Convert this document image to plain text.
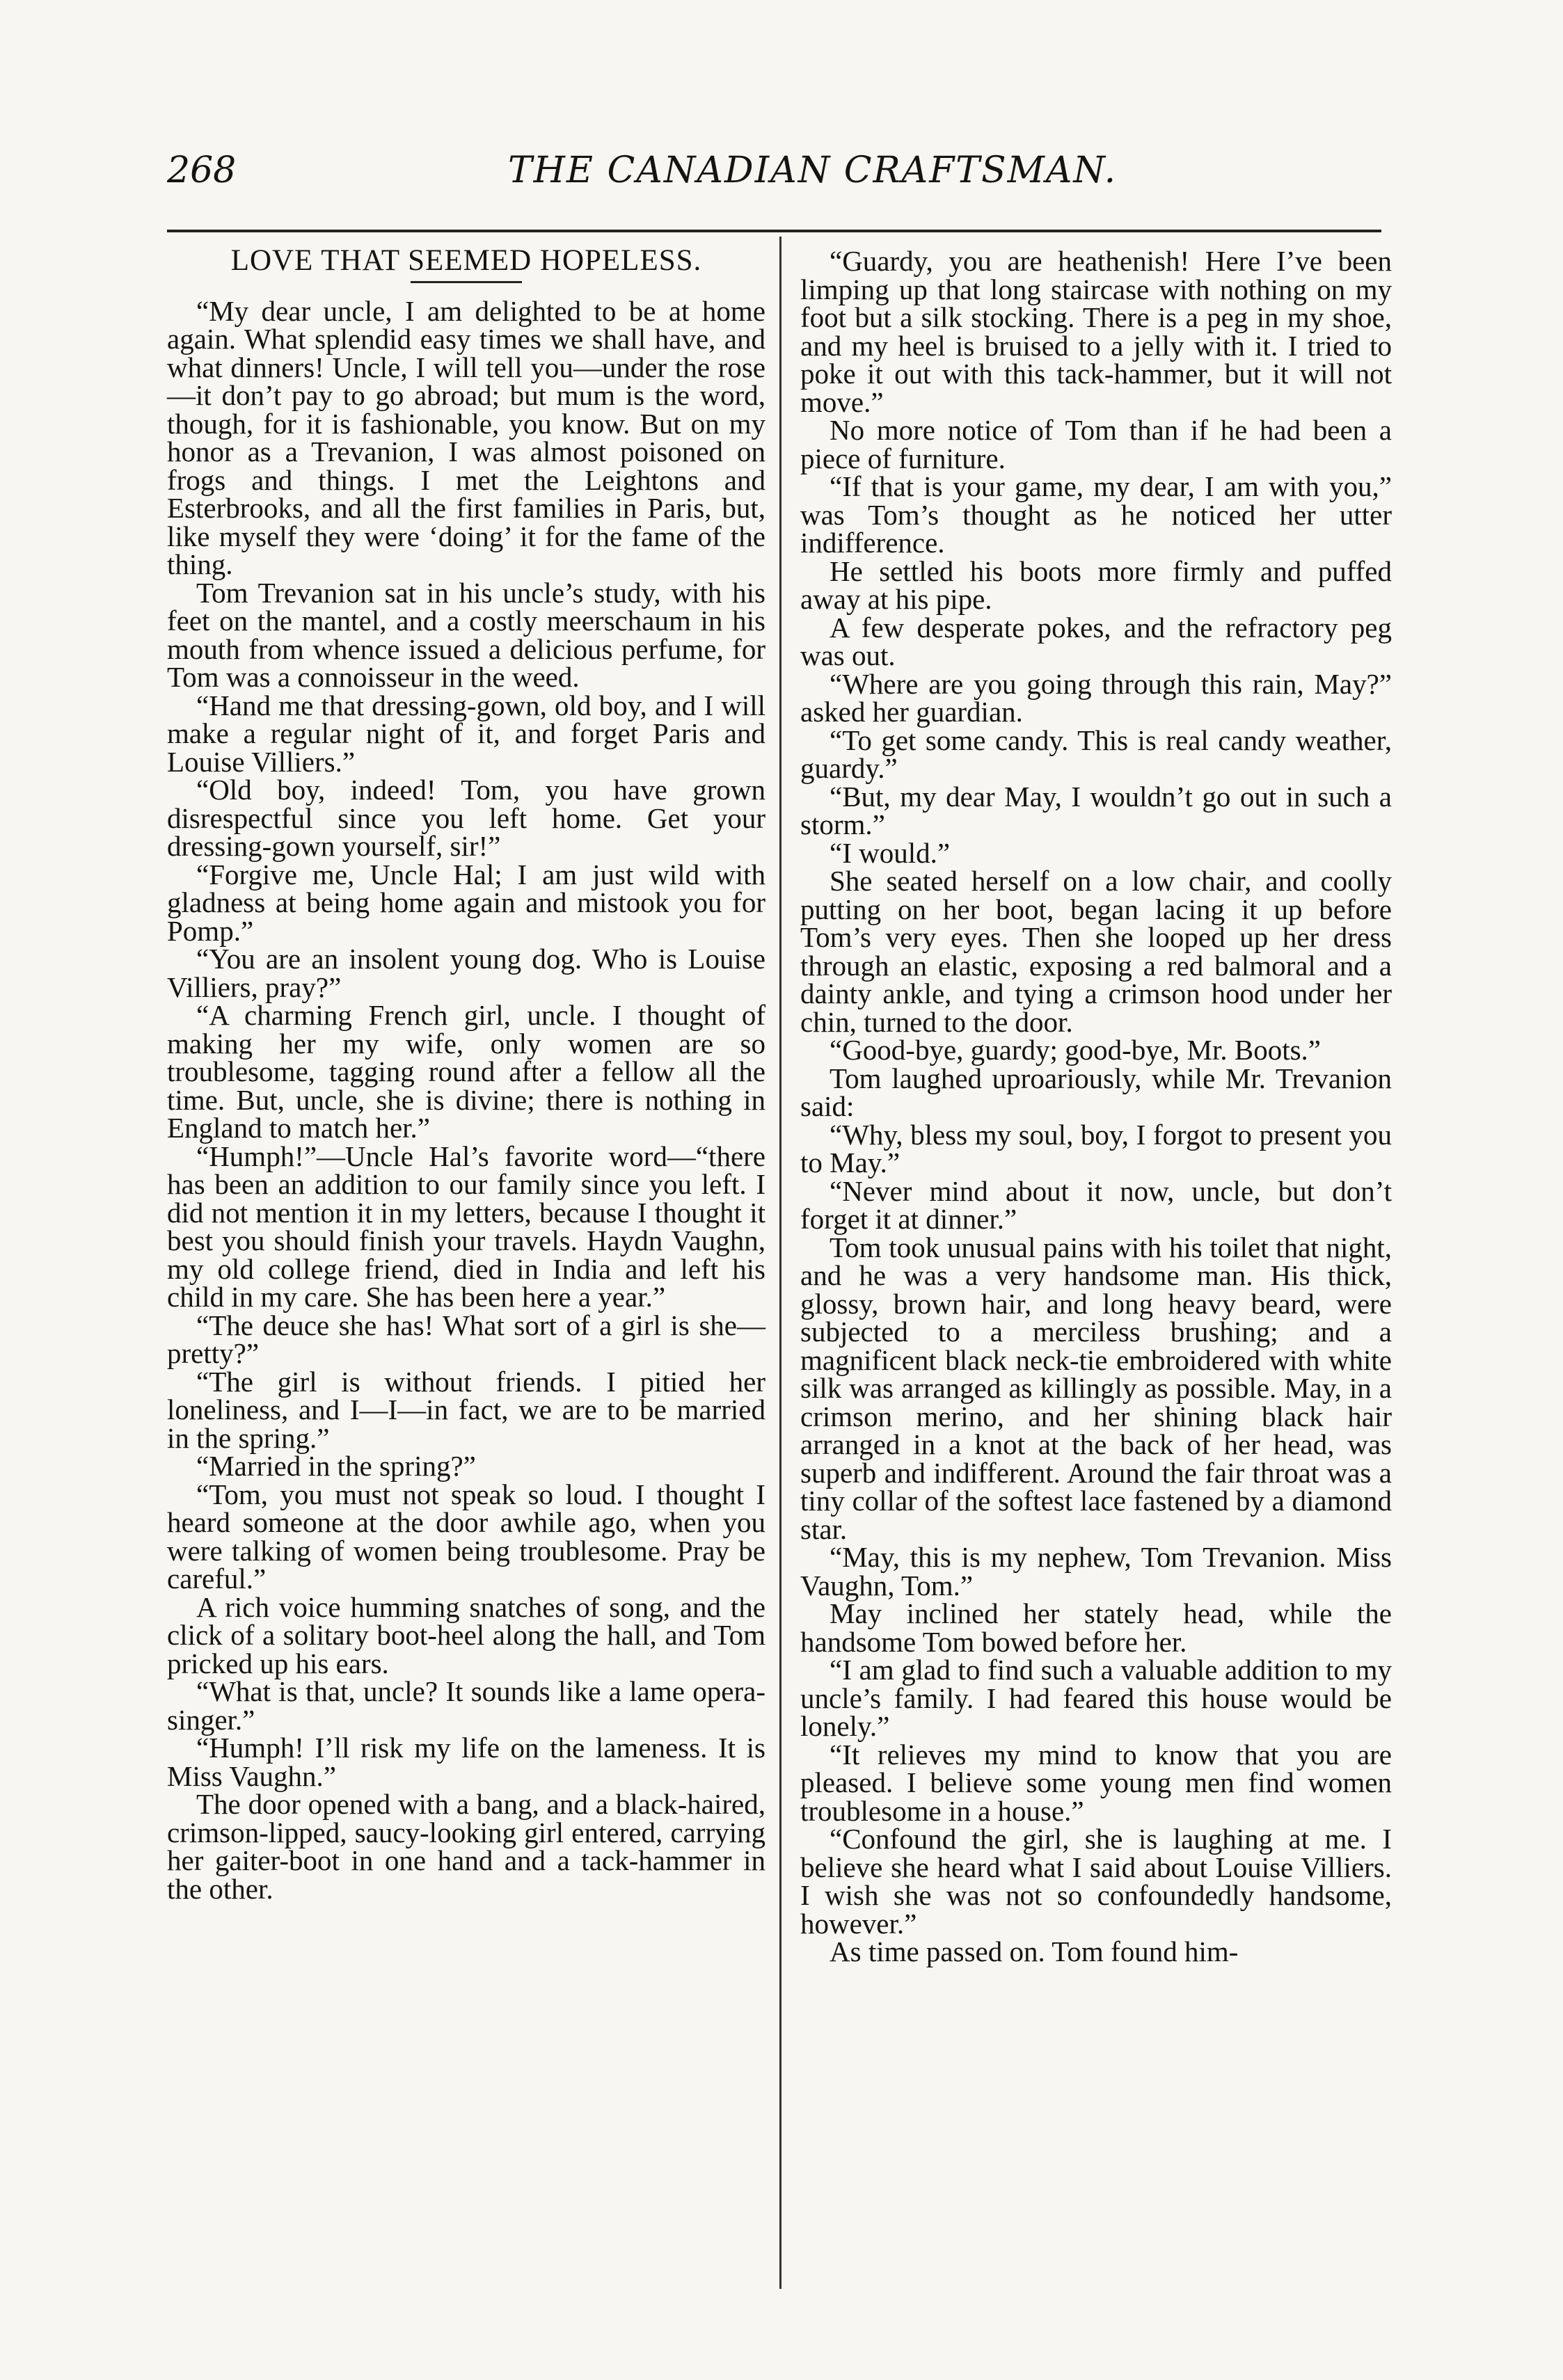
268	THE CANADIAN CRAFTSMAN.
LOVE THAT SEEMED HOPELESS.

“My dear uncle, I am delighted to be at home again. What splendid easy times we shall have, and what dinners! Uncle, I will tell you—under the rose—it don’t pay to go abroad; but mum is the word, though, for it is fashionable, you know. But on my honor as a Trevanion, I was almost poisoned on frogs and things. I met the Leightons and Esterbrooks, and all the first families in Paris, but, like myself they were ‘doing’ it for the fame of the thing.

Tom Trevanion sat in his uncle’s study, with his feet on the mantel, and a costly meerschaum in his mouth from whence issued a delicious perfume, for Tom was a connoisseur in the weed.

“Hand me that dressing-gown, old boy, and I will make a regular night of it, and forget Paris and Louise Villiers.”

“Old boy, indeed! Tom, you have grown disrespectful since you left home. Get your dressing-gown yourself, sir!”

“Forgive me, Uncle Hal; I am just wild with gladness at being home again and mistook you for Pomp.”

“You are an insolent young dog. Who is Louise Villiers, pray?”

“A charming French girl, uncle. I thought of making her my wife, only women are so troublesome, tagging round after a fellow all the time. But, uncle, she is divine; there is nothing in England to match her.”

“Humph!”—Uncle Hal’s favorite word—“there has been an addition to our family since you left. I did not mention it in my letters, because I thought it best you should finish your travels. Haydn Vaughn, my old college friend, died in India and left his child in my care. She has been here a year.”

“The deuce she has! What sort of a girl is she—pretty?”

“The girl is without friends. I pitied her loneliness, and I—I—in fact, we are to be married in the spring.”

“Married in the spring?”

“Tom, you must not speak so loud. I thought I heard someone at the door awhile ago, when you were talking of women being troublesome. Pray be careful.”

A rich voice humming snatches of song, and the click of a solitary boot-heel along the hall, and Tom pricked up his ears.

“What is that, uncle? It sounds like a lame opera-singer.”

“Humph! I’ll risk my life on the lameness. It is Miss Vaughn.”

The door opened with a bang, and a black-haired, crimson-lipped, saucy-looking girl entered, carrying her gaiter-boot in one hand and a tack-hammer in the other.

“Guardy, you are heathenish! Here I’ve been limping up that long staircase with nothing on my foot but a silk stocking. There is a peg in my shoe, and my heel is bruised to a jelly with it. I tried to poke it out with this tack-hammer, but it will not move.”

No more notice of Tom than if he had been a piece of furniture.

“If that is your game, my dear, I am with you,” was Tom’s thought as he noticed her utter indifference.

He settled his boots more firmly and puffed away at his pipe.

A few desperate pokes, and the refractory peg was out.

“Where are you going through this rain, May?” asked her guardian.

“To get some candy. This is real candy weather, guardy.”

“But, my dear May, I wouldn’t go out in such a storm.”

“I would.”

She seated herself on a low chair, and coolly putting on her boot, began lacing it up before Tom’s very eyes. Then she looped up her dress through an elastic, exposing a red balmoral and a dainty ankle, and tying a crimson hood under her chin, turned to the door.

“Good-bye, guardy; good-bye, Mr. Boots.”

Tom laughed uproariously, while Mr. Trevanion said:

“Why, bless my soul, boy, I forgot to present you to May.”

“Never mind about it now, uncle, but don’t forget it at dinner.”

Tom took unusual pains with his toilet that night, and he was a very handsome man. His thick, glossy, brown hair, and long heavy beard, were subjected to a merciless brushing; and a magnificent black neck-tie embroidered with white silk was arranged as killingly as possible. May, in a crimson merino, and her shining black hair arranged in a knot at the back of her head, was superb and indifferent. Around the fair throat was a tiny collar of the softest lace fastened by a diamond star.

“May, this is my nephew, Tom Trevanion. Miss Vaughn, Tom.”

May inclined her stately head, while the handsome Tom bowed before her.

“I am glad to find such a valuable addition to my uncle’s family. I had feared this house would be lonely.”

“It relieves my mind to know that you are pleased. I believe some young men find women troublesome in a house.”

“Confound the girl, she is laughing at me. I believe she heard what I said about Louise Villiers. I wish she was not so confoundedly handsome, however.”

As time passed on. Tom found him-
